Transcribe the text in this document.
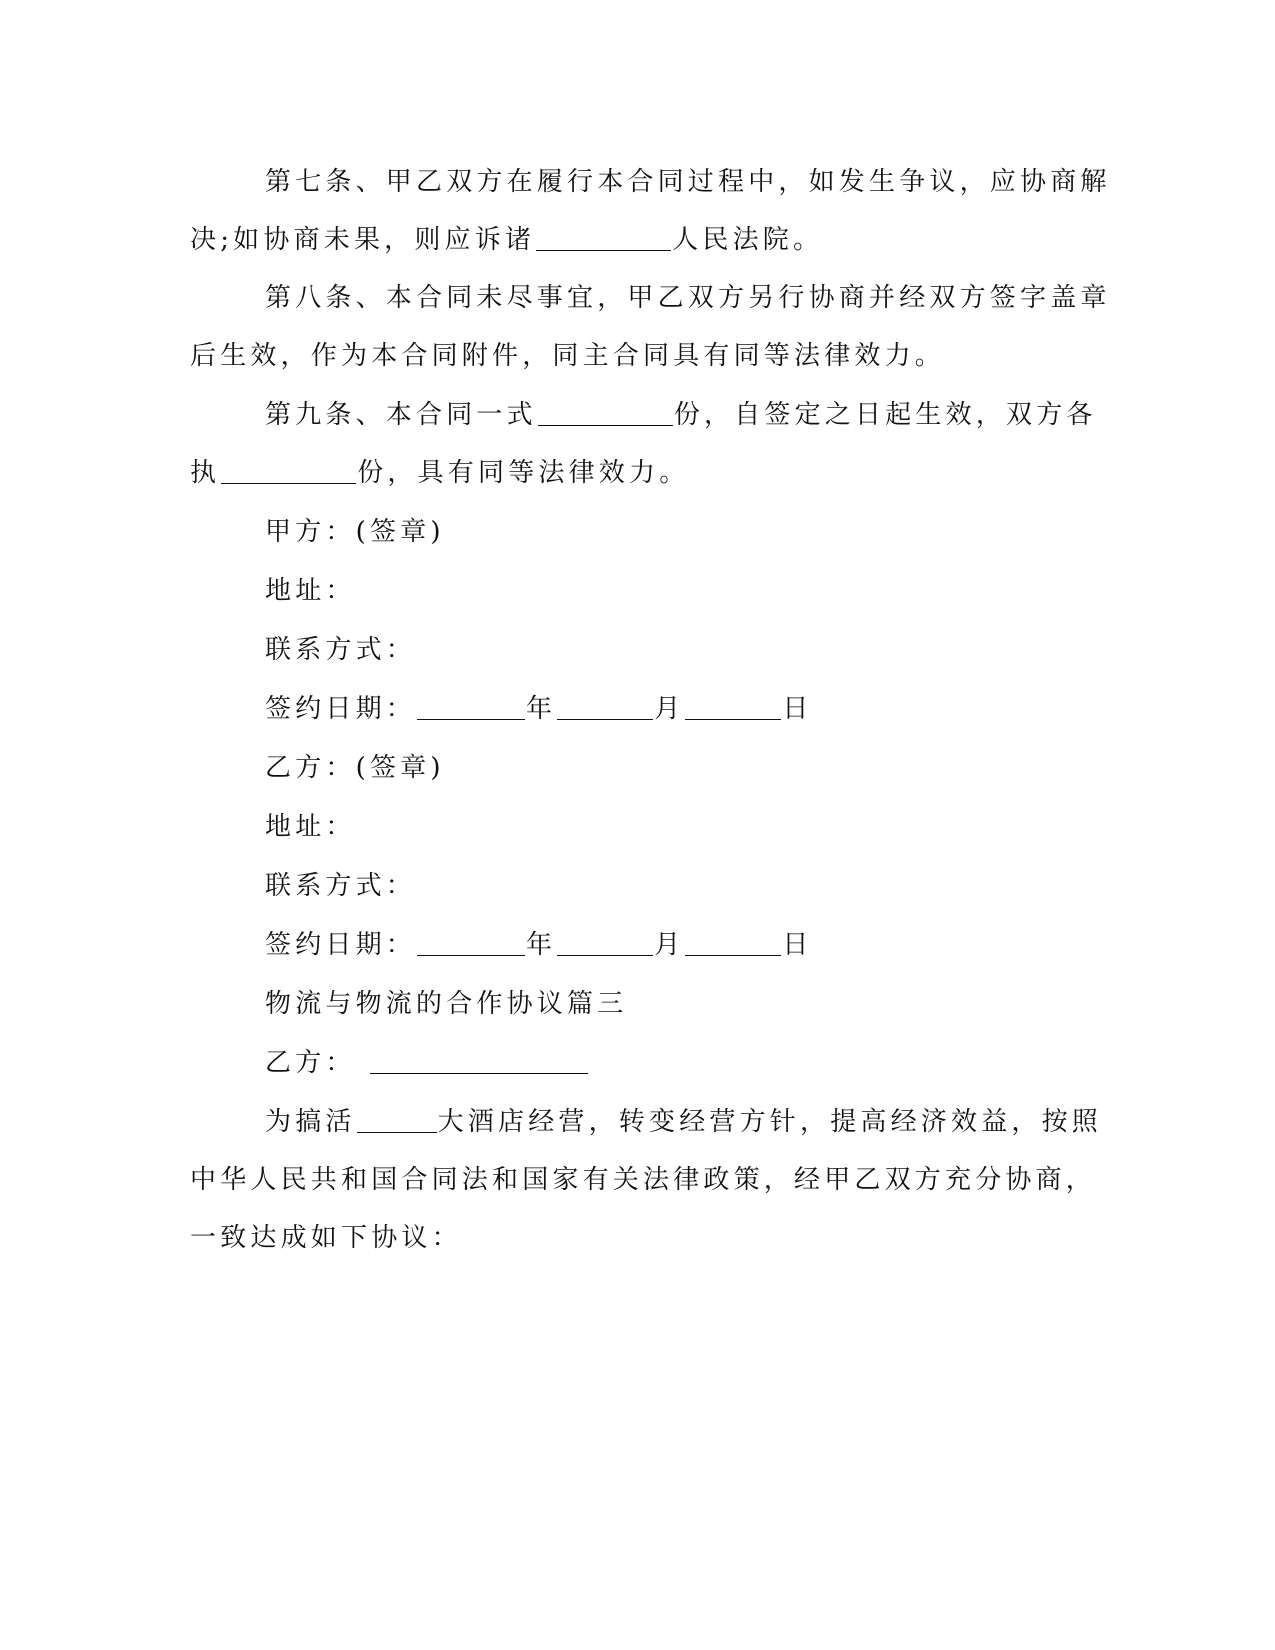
第七条、甲乙双方在履行本合同过程中，如发生争议，应协商解
决;如协商未果，则应诉诸	人民法院。
第八条、本合同未尽事宜，甲乙双方另行协商并经双方签字盖章
后生效，作为本合同附件，同主合同具有同等法律效力。
第九条、本合同一式	份，自签定之日起生效，双方各
执	份，具有同等法律效力。
甲方：(签章)
地址：
联系方式：
签约日期：	年	月	日
乙方：(签章)
地址：
联系方式：
签约日期：	年	月	日
物流与物流的合作协议篇三
乙方：
为搞活	大酒店经营，转变经营方针，提高经济效益，按照
中华人民共和国合同法和国家有关法律政策，经甲乙双方充分协商，
一致达成如下协议：
